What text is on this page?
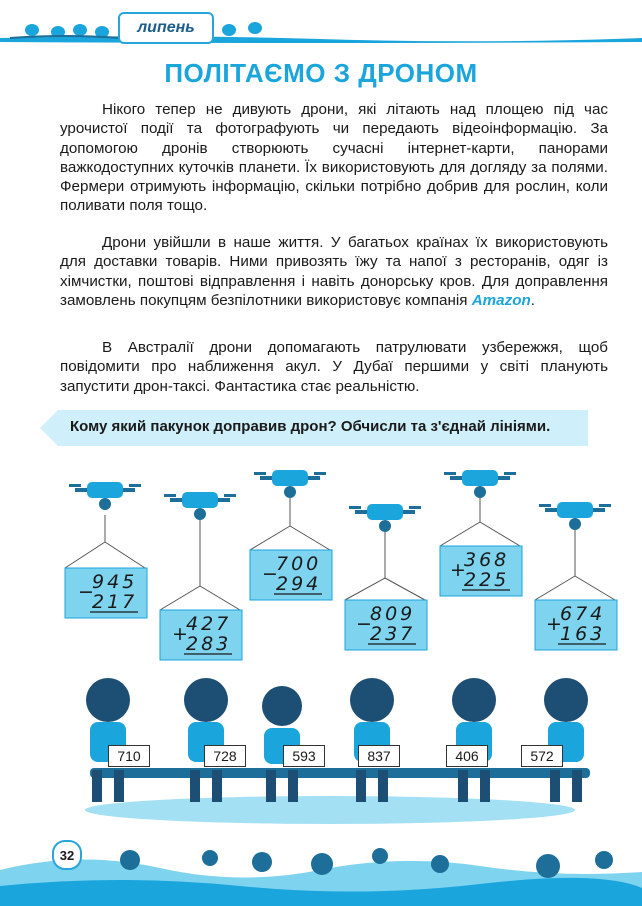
липень
ПОЛІТАЄМО З ДРОНОМ

Нікого тепер не дивують дрони, які літають над площею під час урочистої події та фотографують чи передають відеоінформацію. За допомогою дронів створюють сучасні інтернет-карти, панорами важкодоступних куточків планети. Їх використовують для догляду за полями. Фермери отримують інформацію, скільки потрібно добрив для рослин, коли поливати поля тощо.

Дрони увійшли в наше життя. У багатьох країнах їх використовують для доставки товарів. Ними привозять їжу та напої з ресторанів, одяг із хімчистки, поштові відправлення і навіть донорську кров. Для доправлення замовлень покупцям безпілотники використовує компанія Amazon.

В Австралії дрони допомагають патрулювати узбережжя, щоб повідомити про наближення акул. У Дубаї першими у світі планують запустити дрон-таксі. Фантастика стає реальністю.

Кому який пакунок доправив дрон? Обчисли та з'єднай лініями.
−
945
217
+
427
283
−
700
294
−
809
237
+
368
225
+
674
163
710	728	593	837	406	572
32
